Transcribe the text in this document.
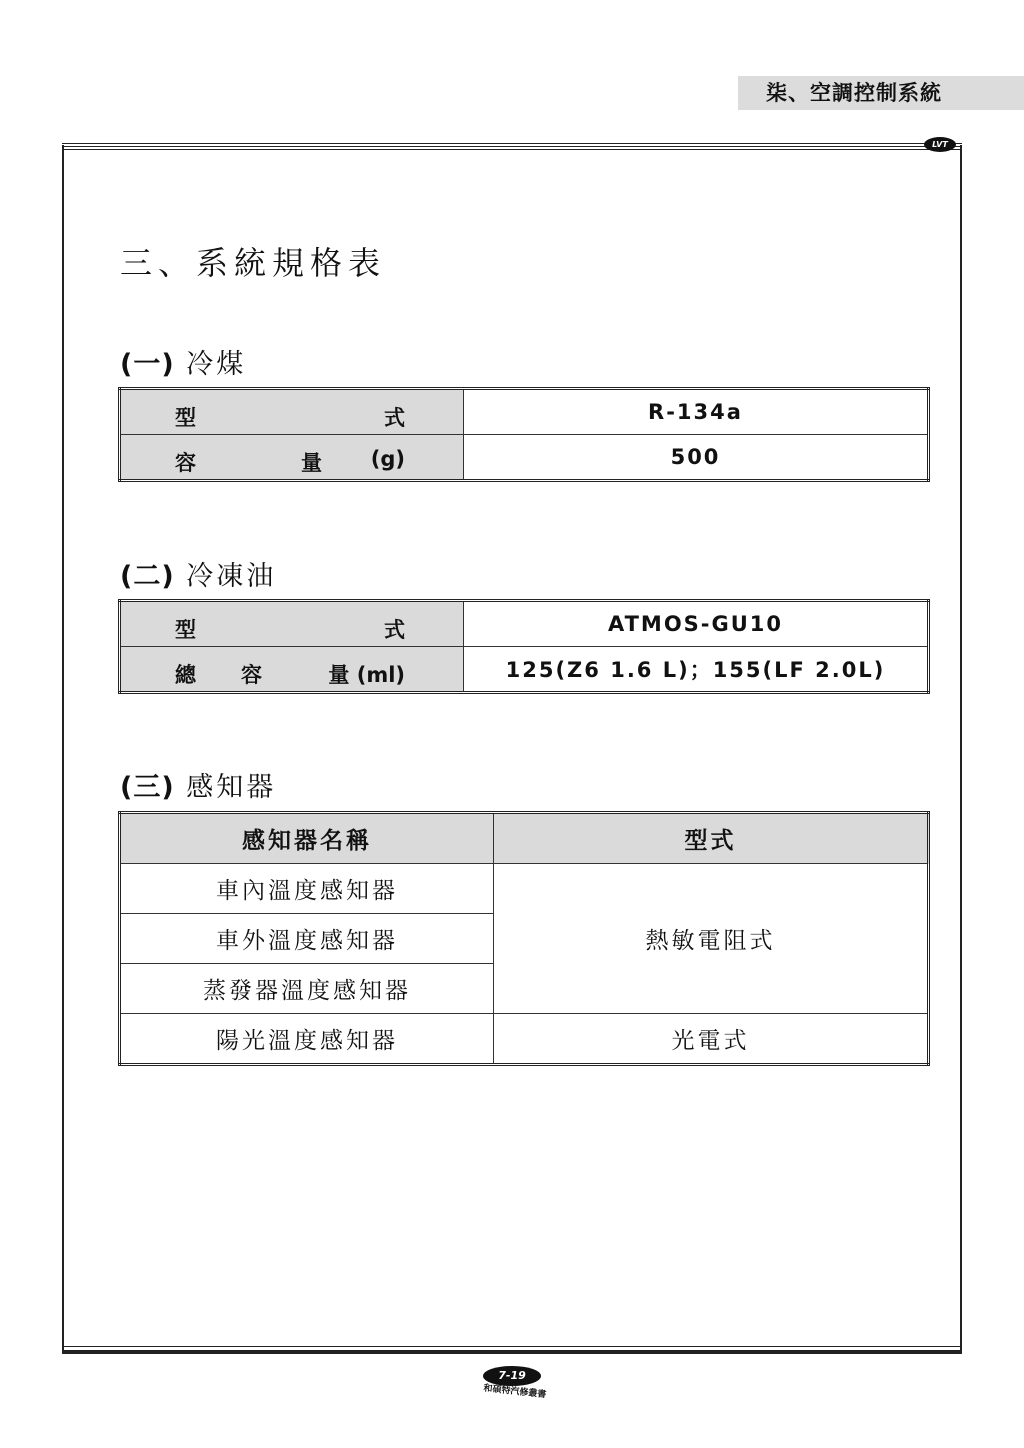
柒、空調控制系統
LVT
三、系統規格表
(一) 冷煤
型 式	R-134a

容 量 (g)	500
(二) 冷凍油
型 式	ATMOS-GU10

總 容 量 (ml)	125(Z6 1.6 L)；155(LF 2.0L)
(三) 感知器
感知器名稱	型式
車內溫度感知器	熱敏電阻式
車外溫度感知器	
蒸發器溫度感知器	
陽光溫度感知器	光電式
7-19
和碩特汽修叢書
